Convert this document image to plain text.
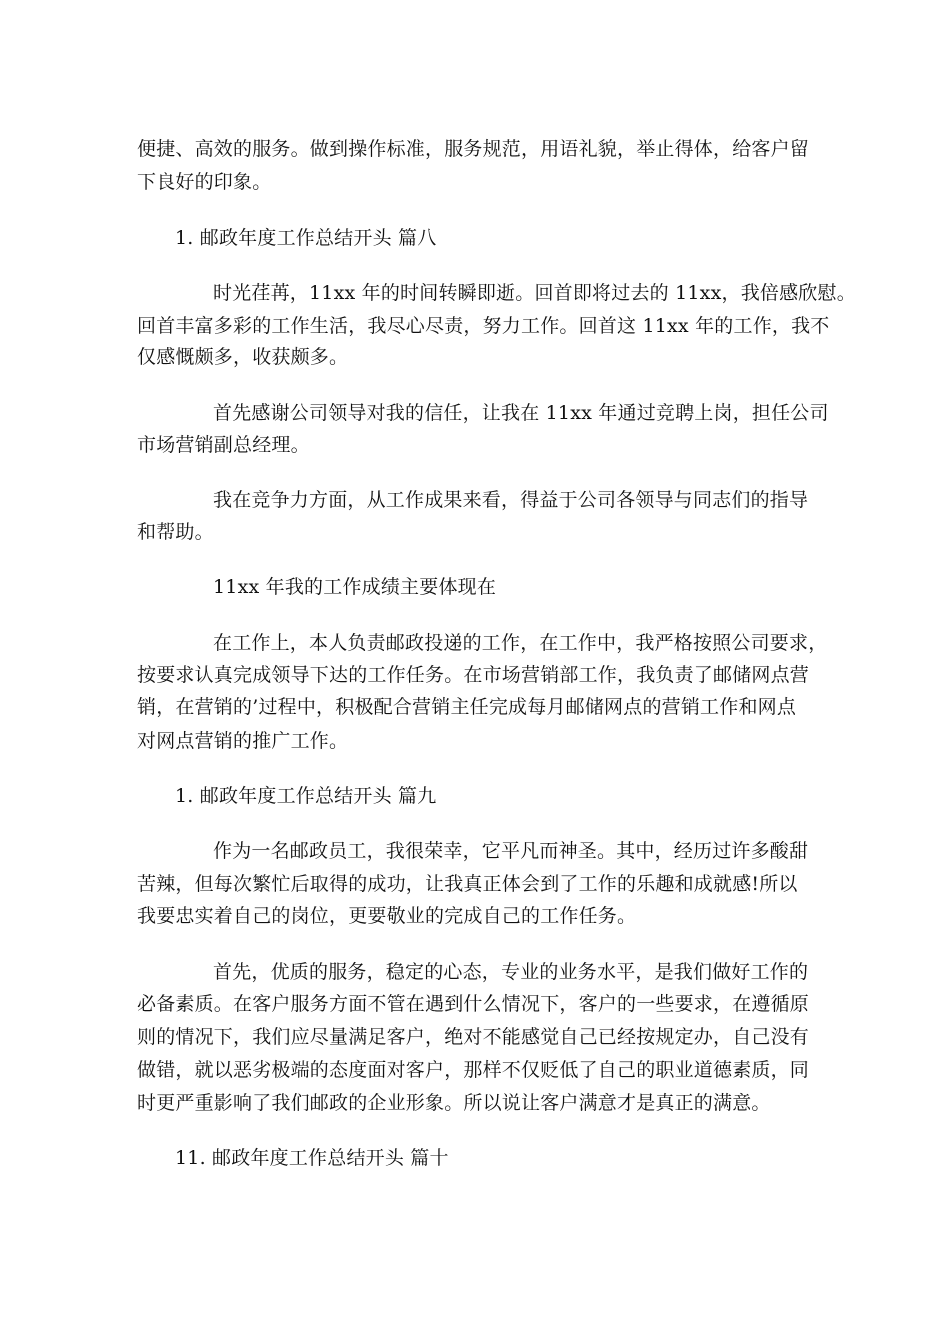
便捷、高效的服务。做到操作标准，服务规范，用语礼貌，举止得体，给客户留
下良好的印象。
1. 邮政年度工作总结开头 篇八
时光荏苒，11xx 年的时间转瞬即逝。回首即将过去的 11xx，我倍感欣慰。
回首丰富多彩的工作生活，我尽心尽责，努力工作。回首这 11xx 年的工作，我不
仅感慨颇多，收获颇多。
首先感谢公司领导对我的信任，让我在 11xx 年通过竞聘上岗，担任公司
市场营销副总经理。
我在竞争力方面，从工作成果来看，得益于公司各领导与同志们的指导
和帮助。
11xx 年我的工作成绩主要体现在
在工作上，本人负责邮政投递的工作，在工作中，我严格按照公司要求，
按要求认真完成领导下达的工作任务。在市场营销部工作，我负责了邮储网点营
销，在营销的’过程中，积极配合营销主任完成每月邮储网点的营销工作和网点
对网点营销的推广工作。
1. 邮政年度工作总结开头 篇九
作为一名邮政员工，我很荣幸，它平凡而神圣。其中，经历过许多酸甜
苦辣，但每次繁忙后取得的成功，让我真正体会到了工作的乐趣和成就感!所以
我要忠实着自己的岗位，更要敬业的完成自己的工作任务。
首先，优质的服务，稳定的心态，专业的业务水平，是我们做好工作的
必备素质。在客户服务方面不管在遇到什么情况下，客户的一些要求，在遵循原
则的情况下，我们应尽量满足客户，绝对不能感觉自己已经按规定办，自己没有
做错，就以恶劣极端的态度面对客户，那样不仅贬低了自己的职业道德素质，同
时更严重影响了我们邮政的企业形象。所以说让客户满意才是真正的满意。
11. 邮政年度工作总结开头 篇十
